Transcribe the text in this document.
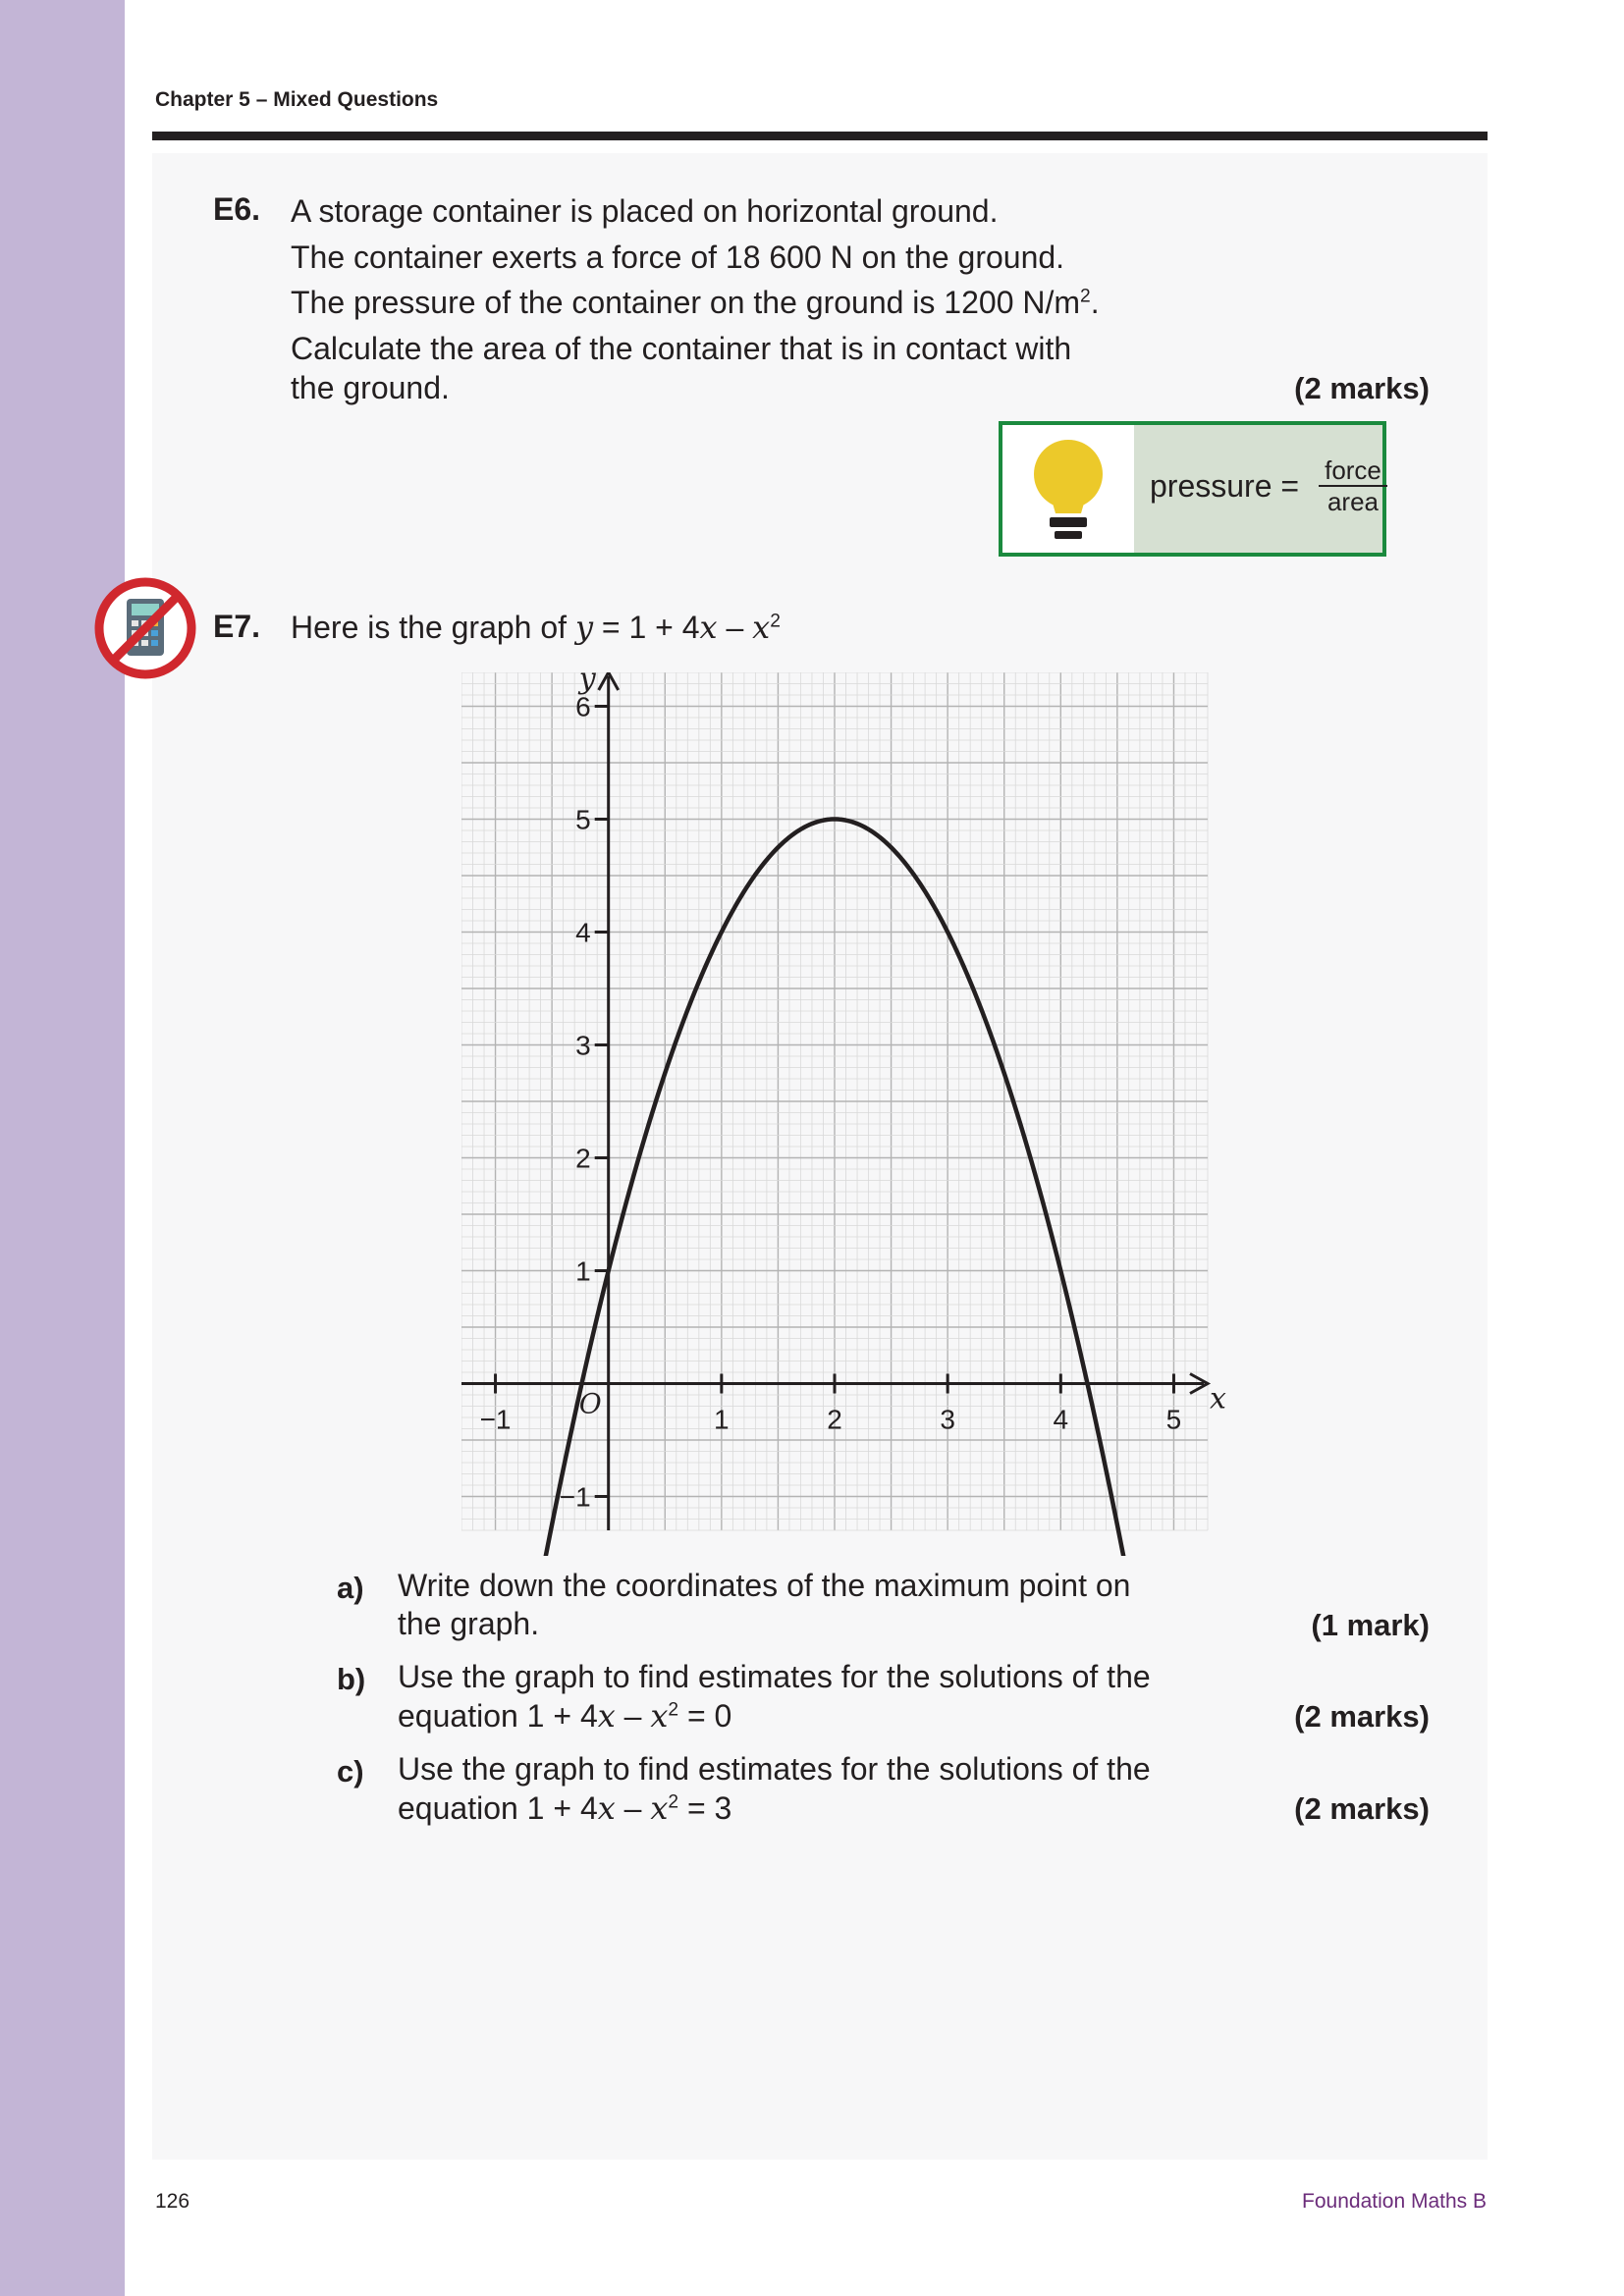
Chapter 5 – Mixed Questions
E6. A storage container is placed on horizontal ground.
The container exerts a force of 18 600 N on the ground.
The pressure of the container on the ground is 1200 $N/m^2$.
Calculate the area of the container that is in contact with
the ground.	(2 marks)
pressure = force
area
E7. Here is the graph of $y = 1 + 4x - x^2$
x
y
O
−1	1	2	3	4	5
−1
1
2
3
4
5
6
a) Write down the coordinates of the maximum point on
the graph.	(1 mark)
b) Use the graph to find estimates for the solutions of the
equation $1 + 4x - x^2 = 0$	(2 marks)
c) Use the graph to find estimates for the solutions of the
equation $1 + 4x - x^2 = 3$	(2 marks)
126	Foundation Maths B
